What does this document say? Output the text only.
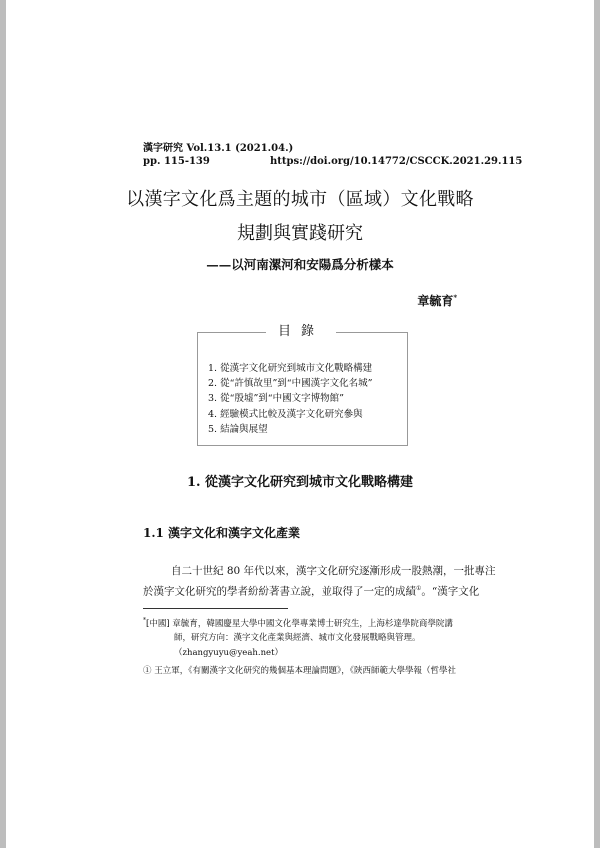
漢字研究 Vol.13.1 (2021.04.)
pp. 115-139	https://doi.org/10.14772/CSCCK.2021.29.115
以漢字文化爲主題的城市（區域）文化戰略
規劃與實踐研究
——以河南漯河和安陽爲分析樣本
章毓育*
目錄
1. 從漢字文化研究到城市文化戰略構建
2. 從“許慎故里”到“中國漢字文化名城”
3. 從“殷墟”到“中國文字博物館”
4. 經驗模式比較及漢字文化研究參與
5. 結論與展望
1. 從漢字文化研究到城市文化戰略構建
1.1 漢字文化和漢字文化產業
自二十世紀 80 年代以來，漢字文化研究逐漸形成一股熱潮，一批專注
於漢字文化研究的學者紛紛著書立說，並取得了一定的成績①。“漢字文化
*[中國] 章毓育，韓國慶星大學中國文化學專業博士研究生，上海杉達學院商學院講
師，研究方向：漢字文化產業與經濟、城市文化發展戰略與管理。
（zhangyuyu@yeah.net）
① 王立軍，《有關漢字文化研究的幾個基本理論問題》，《陝西師範大學學報（哲學社
